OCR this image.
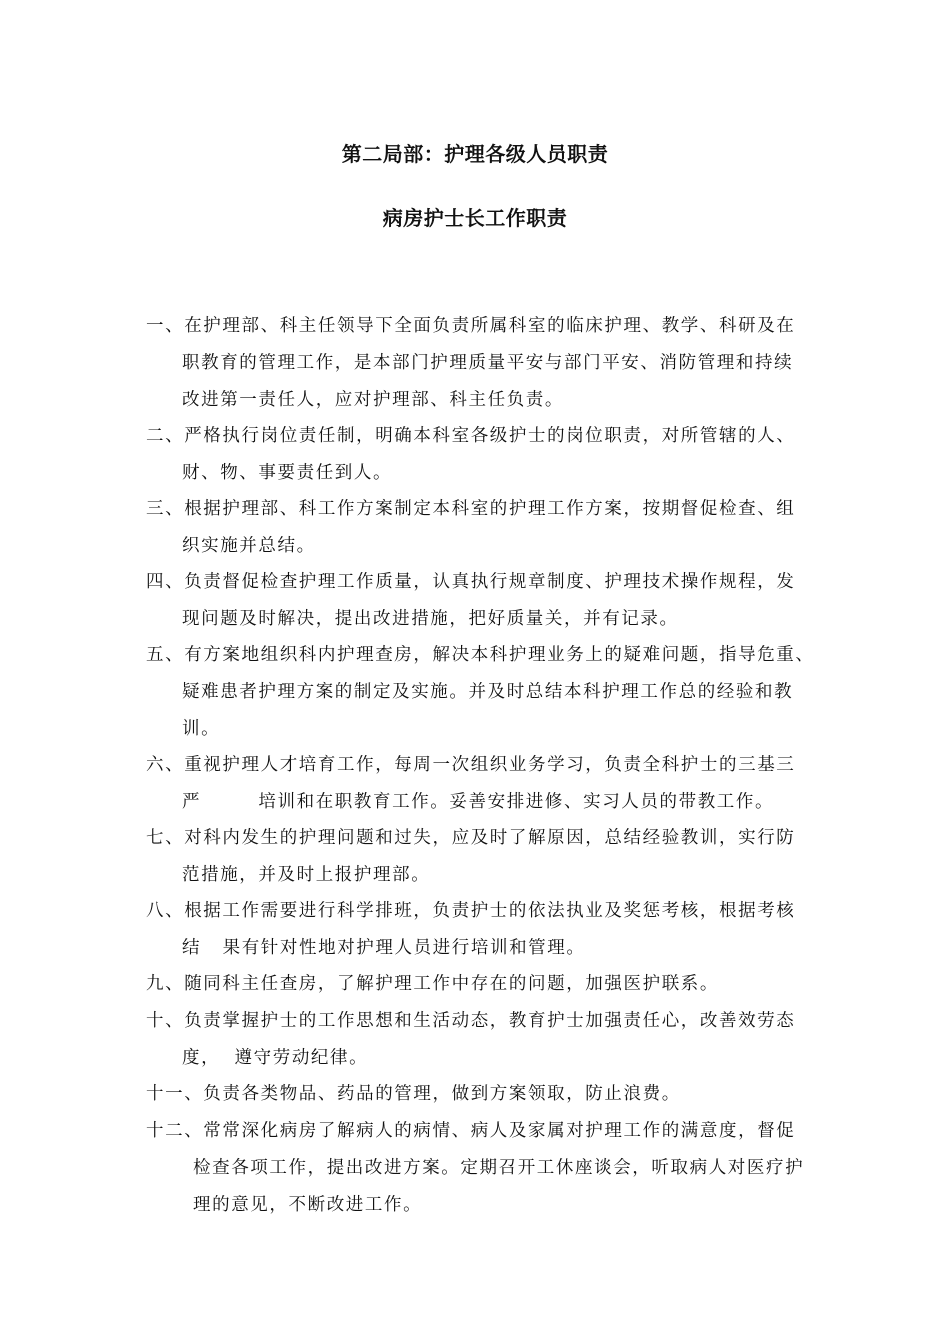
第二局部：护理各级人员职责
病房护士长工作职责
一、在护理部、科主任领导下全面负责所属科室的临床护理、教学、科研及在
职教育的管理工作，是本部门护理质量平安与部门平安、消防管理和持续
改进第一责任人，应对护理部、科主任负责。
二、严格执行岗位责任制，明确本科室各级护士的岗位职责，对所管辖的人、
财、物、事要责任到人。
三、根据护理部、科工作方案制定本科室的护理工作方案，按期督促检查、组
织实施并总结。
四、负责督促检查护理工作质量，认真执行规章制度、护理技术操作规程，发
现问题及时解决，提出改进措施，把好质量关，并有记录。
五、有方案地组织科内护理查房，解决本科护理业务上的疑难问题，指导危重、
疑难患者护理方案的制定及实施。并及时总结本科护理工作总的经验和教
训。
六、重视护理人才培育工作，每周一次组织业务学习，负责全科护士的三基三
严        培训和在职教育工作。妥善安排进修、实习人员的带教工作。
七、对科内发生的护理问题和过失，应及时了解原因，总结经验教训，实行防
范措施，并及时上报护理部。
八、根据工作需要进行科学排班，负责护士的依法执业及奖惩考核，根据考核
结   果有针对性地对护理人员进行培训和管理。
九、随同科主任查房，了解护理工作中存在的问题，加强医护联系。
十、负责掌握护士的工作思想和生活动态，教育护士加强责任心，改善效劳态
度，  遵守劳动纪律。
十一、负责各类物品、药品的管理，做到方案领取，防止浪费。
十二、常常深化病房了解病人的病情、病人及家属对护理工作的满意度，督促
检查各项工作，提出改进方案。定期召开工休座谈会，听取病人对医疗护
理的意见，不断改进工作。
